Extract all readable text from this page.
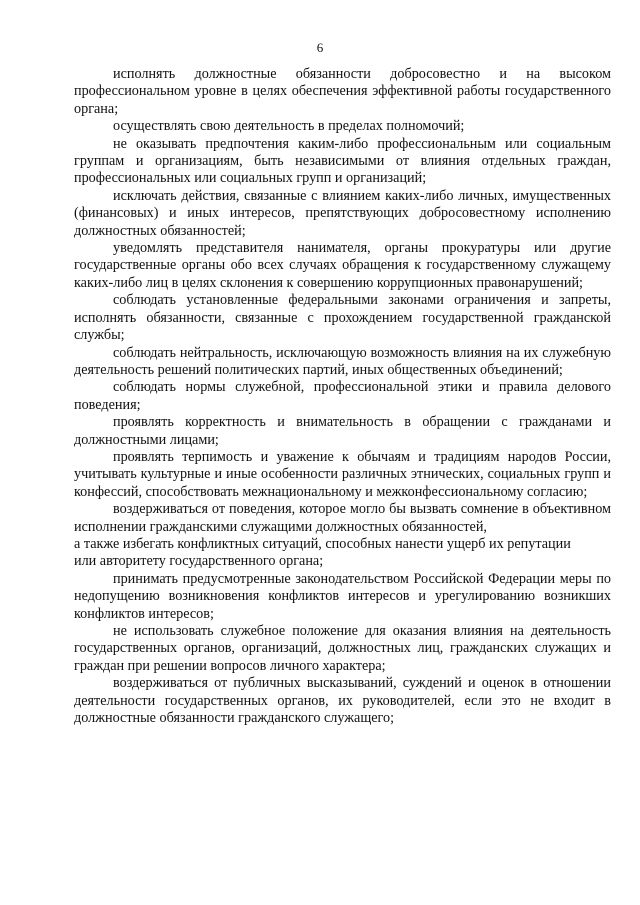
6

исполнять должностные обязанности добросовестно и на высоком профессиональном уровне в целях обеспечения эффективной работы государственного органа;

осуществлять свою деятельность в пределах полномочий;

не оказывать предпочтения каким-либо профессиональным или социальным группам и организациям, быть независимыми от влияния отдельных граждан, профессиональных или социальных групп и организаций;

исключать действия, связанные с влиянием каких-либо личных, имущественных (финансовых) и иных интересов, препятствующих добросовестному исполнению должностных обязанностей;

уведомлять представителя нанимателя, органы прокуратуры или другие государственные органы обо всех случаях обращения к государственному служащему каких-либо лиц в целях склонения к совершению коррупционных правонарушений;

соблюдать установленные федеральными законами ограничения и запреты, исполнять обязанности, связанные с прохождением государственной гражданской службы;

соблюдать нейтральность, исключающую возможность влияния на их служебную деятельность решений политических партий, иных общественных объединений;

соблюдать нормы служебной, профессиональной этики и правила делового поведения;

проявлять корректность и внимательность в обращении с гражданами и должностными лицами;

проявлять терпимость и уважение к обычаям и традициям народов России, учитывать культурные и иные особенности различных этнических, социальных групп и конфессий, способствовать межнациональному и межконфессиональному согласию;

воздерживаться от поведения, которое могло бы вызвать сомнение в объективном исполнении гражданскими служащими должностных обязанностей,

а также избегать конфликтных ситуаций, способных нанести ущерб их репутации

или авторитету государственного органа;

принимать предусмотренные законодательством Российской Федерации меры по недопущению возникновения конфликтов интересов и урегулированию возникших конфликтов интересов;

не использовать служебное положение для оказания влияния на деятельность государственных органов, организаций, должностных лиц, гражданских служащих и граждан при решении вопросов личного характера;

воздерживаться от публичных высказываний, суждений и оценок в отношении деятельности государственных органов, их руководителей, если это не входит в должностные обязанности гражданского служащего;
